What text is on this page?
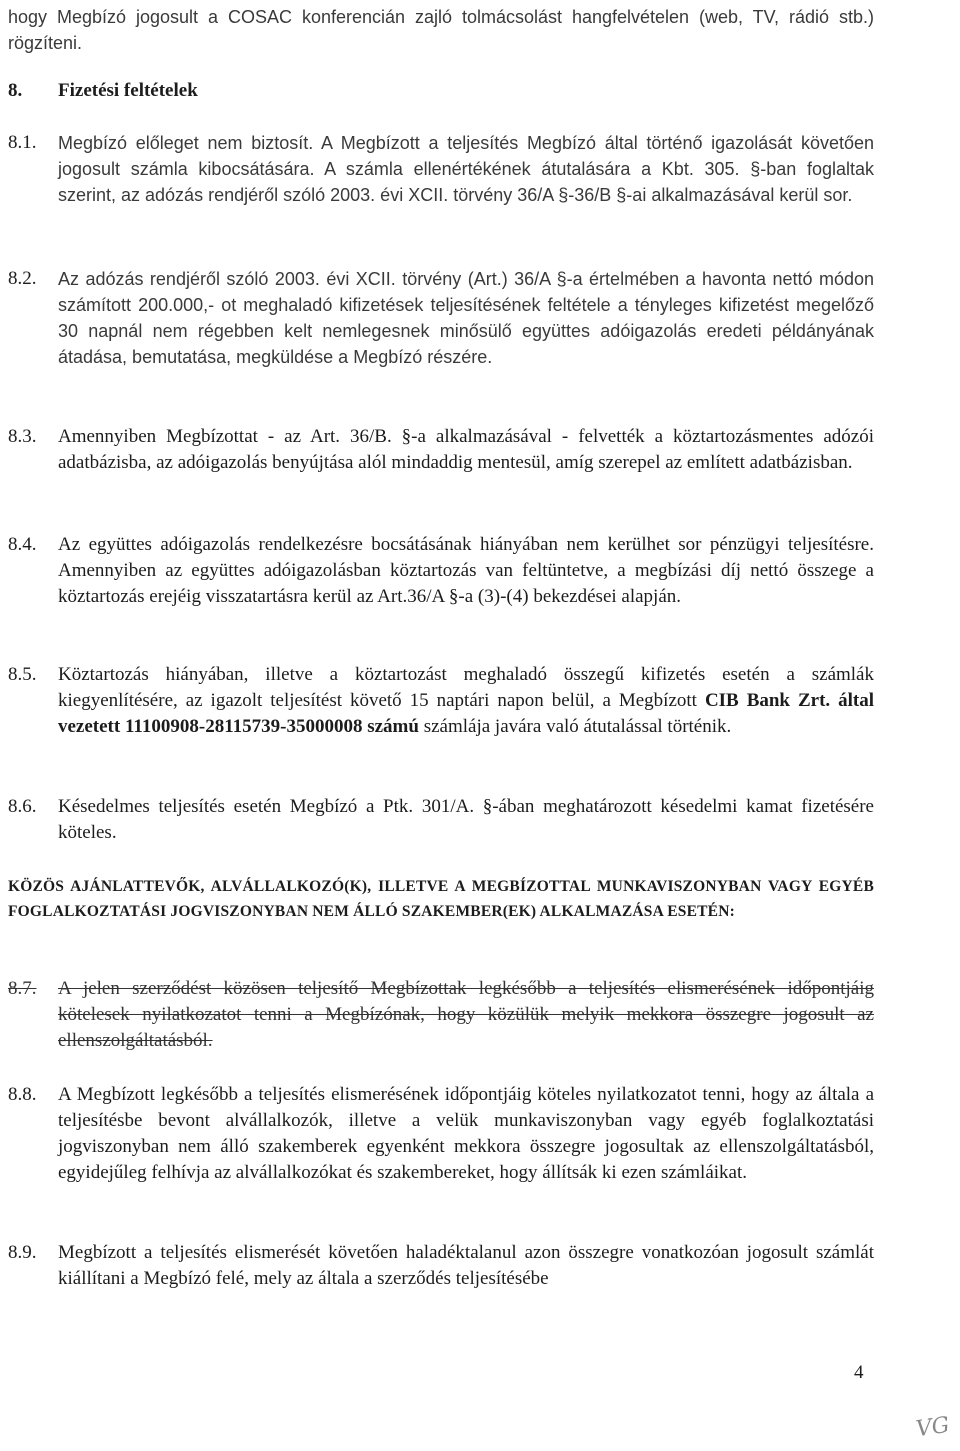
hogy Megbízó jogosult a COSAC konferencián zajló tolmácsolást hangfelvételen (web, TV, rádió stb.) rögzíteni.
8.	Fizetési feltételek
8.1.	Megbízó előleget nem biztosít. A Megbízott a teljesítés Megbízó által történő igazolását követően jogosult számla kibocsátására. A számla ellenértékének átutalására a Kbt. 305. §-ban foglaltak szerint, az adózás rendjéről szóló 2003. évi XCII. törvény 36/A §-36/B §-ai alkalmazásával kerül sor.
8.2.	Az adózás rendjéről szóló 2003. évi XCII. törvény (Art.) 36/A §-a értelmében a havonta nettó módon számított 200.000,- ot meghaladó kifizetések teljesítésének feltétele a tényleges kifizetést megelőző 30 napnál nem régebben kelt nemlegesnek minősülő együttes adóigazolás eredeti példányának átadása, bemutatása, megküldése a Megbízó részére.
8.3.	Amennyiben Megbízottat - az Art. 36/B. §-a alkalmazásával - felvették a köztartozásmentes adózói adatbázisba, az adóigazolás benyújtása alól mindaddig mentesül, amíg szerepel az említett adatbázisban.
8.4.	Az együttes adóigazolás rendelkezésre bocsátásának hiányában nem kerülhet sor pénzügyi teljesítésre. Amennyiben az együttes adóigazolásban köztartozás van feltüntetve, a megbízási díj nettó összege a köztartozás erejéig visszatartásra kerül az Art.36/A §-a (3)-(4) bekezdései alapján.
8.5.	Köztartozás hiányában, illetve a köztartozást meghaladó összegű kifizetés esetén a számlák kiegyenlítésére, az igazolt teljesítést követő 15 naptári napon belül, a Megbízott CIB Bank Zrt. által vezetett 11100908-28115739-35000008 számú számlája javára való átutalással történik.
8.6.	Késedelmes teljesítés esetén Megbízó a Ptk. 301/A. §-ában meghatározott késedelmi kamat fizetésére köteles.
KÖZÖS AJÁNLATTEVŐK, ALVÁLLALKOZÓ(K), ILLETVE A MEGBÍZOTTAL MUNKAVISZONYBAN VAGY EGYÉB FOGLALKOZTATÁSI JOGVISZONYBAN NEM ÁLLÓ SZAKEMBER(EK) ALKALMAZÁSA ESETÉN:
8.7.	A jelen szerződést közösen teljesítő Megbízottak legkésőbb a teljesítés elismerésének időpontjáig kötelesek nyilatkozatot tenni a Megbízónak, hogy közülük melyik mekkora összegre jogosult az ellenszolgáltatásból.
8.8.	A Megbízott legkésőbb a teljesítés elismerésének időpontjáig köteles nyilatkozatot tenni, hogy az általa a teljesítésbe bevont alvállalkozók, illetve a velük munkaviszonyban vagy egyéb foglalkoztatási jogviszonyban nem álló szakemberek egyenként mekkora összegre jogosultak az ellenszolgáltatásból, egyidejűleg felhívja az alvállalkozókat és szakembereket, hogy állítsák ki ezen számláikat.
8.9.	Megbízott a teljesítés elismerését követően haladéktalanul azon összegre vonatkozóan jogosult számlát kiállítani a Megbízó felé, mely az általa a szerződés teljesítésébe
4
VG
